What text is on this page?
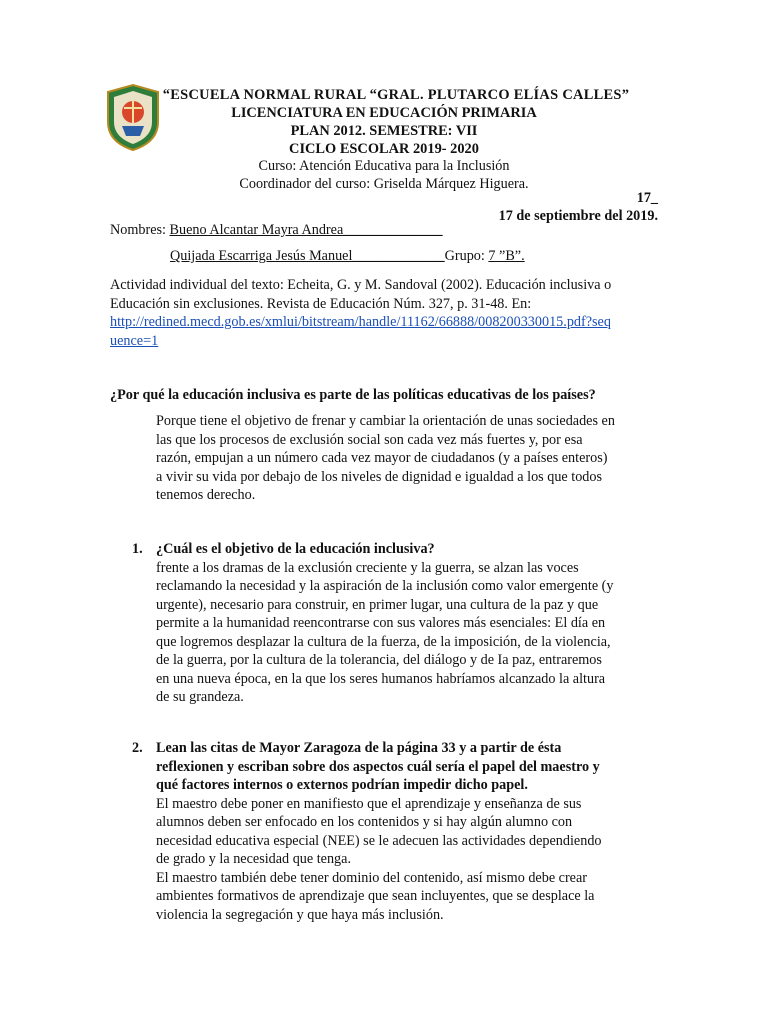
“ESCUELA NORMAL RURAL “GRAL. PLUTARCO ELÍAS CALLES”
LICENCIATURA EN EDUCACIÓN PRIMARIA
PLAN 2012. SEMESTRE: VII
CICLO ESCOLAR 2019- 2020
Curso: Atención Educativa para la Inclusión
Coordinador del curso: Griselda Márquez Higuera.
17_
17 de septiembre del 2019.
Nombres: Bueno Alcantar Mayra Andrea______________
Quijada Escarriga Jesús Manuel_____________Grupo: 7 ”B”.
Actividad individual del texto: Echeita, G. y M. Sandoval (2002). Educación inclusiva o
Educación sin exclusiones. Revista de Educación Núm. 327, p. 31-48. En:
http://redined.mecd.gob.es/xmlui/bitstream/handle/11162/66888/008200330015.pdf?seq
uence=1
¿Por qué la educación inclusiva es parte de las políticas educativas de los países?
Porque tiene el objetivo de frenar y cambiar la orientación de unas sociedades en
las que los procesos de exclusión social son cada vez más fuertes y, por esa
razón, empujan a un número cada vez mayor de ciudadanos (y a países enteros)
a vivir su vida por debajo de los niveles de dignidad e igualdad a los que todos
tenemos derecho.
1. ¿Cuál es el objetivo de la educación inclusiva?
frente a los dramas de la exclusión creciente y la guerra, se alzan las voces
reclamando la necesidad y la aspiración de la inclusión como valor emergente (y
urgente), necesario para construir, en primer lugar, una cultura de la paz y que
permite a la humanidad reencontrarse con sus valores más esenciales: El día en
que logremos desplazar la cultura de la fuerza, de la imposición, de la violencia,
de la guerra, por la cultura de la tolerancia, del diálogo y de Ia paz, entraremos
en una nueva época, en la que los seres humanos habríamos alcanzado la altura
de su grandeza.
2. Lean las citas de Mayor Zaragoza de la página 33 y a partir de ésta
reflexionen y escriban sobre dos aspectos cuál sería el papel del maestro y
qué factores internos o externos podrían impedir dicho papel.
El maestro debe poner en manifiesto que el aprendizaje y enseñanza de sus
alumnos deben ser enfocado en los contenidos y si hay algún alumno con
necesidad educativa especial (NEE) se le adecuen las actividades dependiendo
de grado y la necesidad que tenga.
El maestro también debe tener dominio del contenido, así mismo debe crear
ambientes formativos de aprendizaje que sean incluyentes, que se desplace la
violencia la segregación y que haya más inclusión.
